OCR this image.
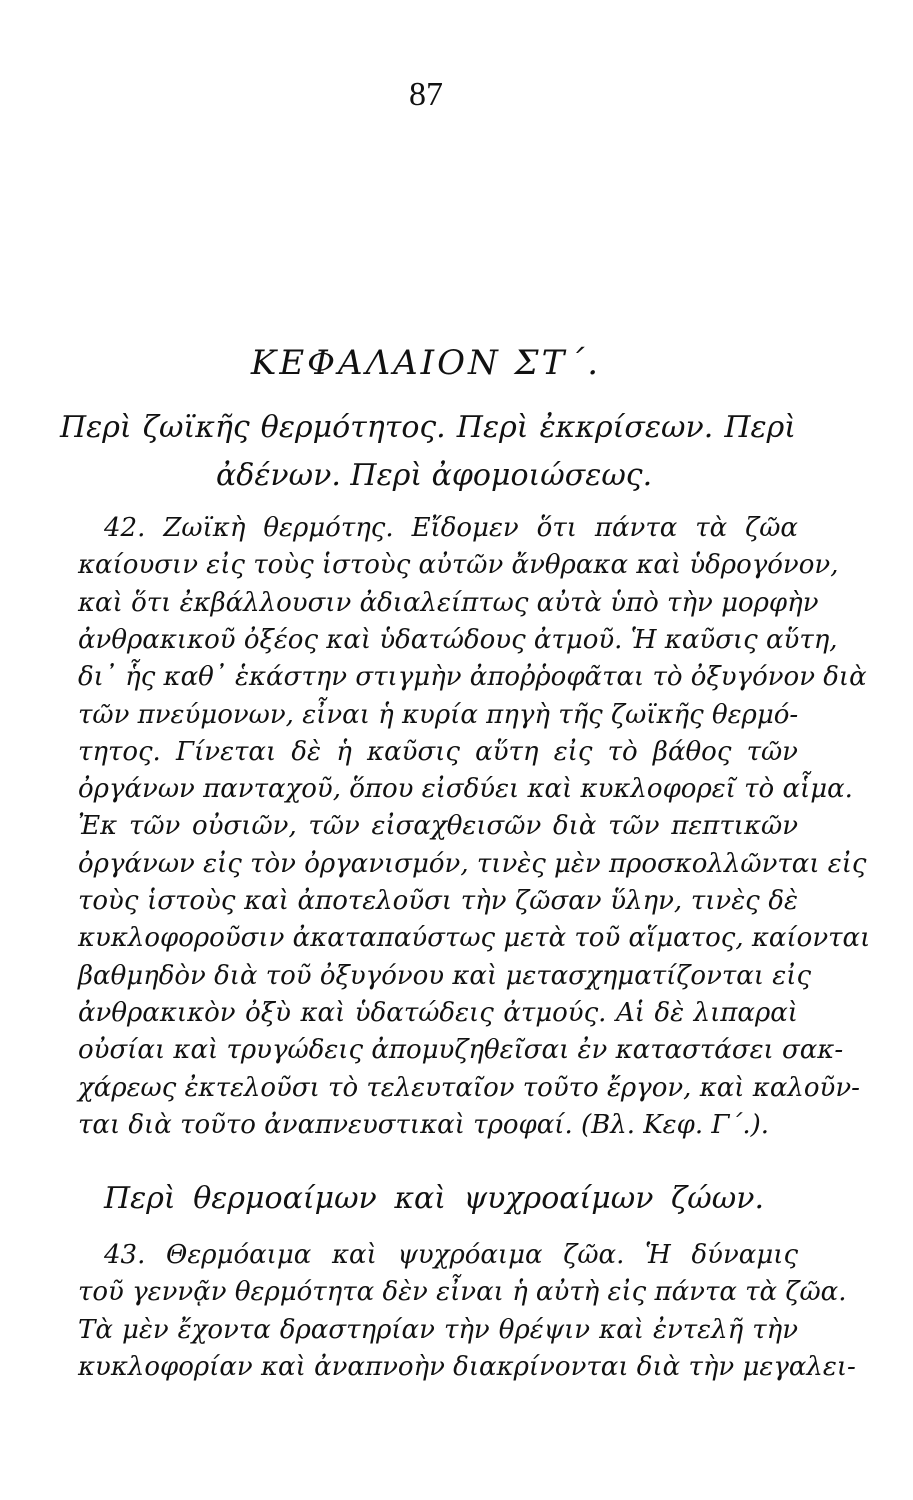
87
ΚΕΦΑΛΑΙΟΝ ΣΤ΄.
Περὶ ζωϊκῆς θερμότητος. Περὶ ἐκκρίσεων. Περὶ
ἀδένων. Περὶ ἀφομοιώσεως.
42. Ζωϊκὴ θερμότης. Εἴδομεν ὅτι πάντα τὰ ζῶα
καίουσιν εἰς τοὺς ἱστοὺς αὐτῶν ἄνθρακα καὶ ὑδρογόνον,
καὶ ὅτι ἐκβάλλουσιν ἀδιαλείπτως αὐτὰ ὑπὸ τὴν μορφὴν
ἀνθρακικοῦ ὀξέος καὶ ὑδατώδους ἀτμοῦ. Ἡ καῦσις αὕτη,
δι᾽ ἧς καθ᾽ ἑκάστην στιγμὴν ἀποῤῥοφᾶται τὸ ὀξυγόνον διὰ
τῶν πνεύμονων, εἶναι ἡ κυρία πηγὴ τῆς ζωϊκῆς θερμό-
τητος. Γίνεται δὲ ἡ καῦσις αὕτη εἰς τὸ βάθος τῶν
ὀργάνων πανταχοῦ, ὅπου εἰσδύει καὶ κυκλοφορεῖ τὸ αἷμα.
Ἐκ τῶν οὐσιῶν, τῶν εἰσαχθεισῶν διὰ τῶν πεπτικῶν
ὀργάνων εἰς τὸν ὀργανισμόν, τινὲς μὲν προσκολλῶνται εἰς
τοὺς ἱστοὺς καὶ ἀποτελοῦσι τὴν ζῶσαν ὕλην, τινὲς δὲ
κυκλοφοροῦσιν ἀκαταπαύστως μετὰ τοῦ αἵματος, καίονται
βαθμηδὸν διὰ τοῦ ὀξυγόνου καὶ μετασχηματίζονται εἰς
ἀνθρακικὸν ὀξὺ καὶ ὑδατώδεις ἀτμούς. Αἱ δὲ λιπαραὶ
οὐσίαι καὶ τρυγώδεις ἀπομυζηθεῖσαι ἐν καταστάσει σακ-
χάρεως ἐκτελοῦσι τὸ τελευταῖον τοῦτο ἔργον, καὶ καλοῦν-
ται διὰ τοῦτο ἀναπνευστικαὶ τροφαί. (Βλ. Κεφ. Γ΄.).
Περὶ θερμοαίμων καὶ ψυχροαίμων ζώων.
43. Θερμόαιμα καὶ ψυχρόαιμα ζῶα. Ἡ δύναμις
τοῦ γεννᾷν θερμότητα δὲν εἶναι ἡ αὐτὴ εἰς πάντα τὰ ζῶα.
Τὰ μὲν ἔχοντα δραστηρίαν τὴν θρέψιν καὶ ἐντελῆ τὴν
κυκλοφορίαν καὶ ἀναπνοὴν διακρίνονται διὰ τὴν μεγαλει-
